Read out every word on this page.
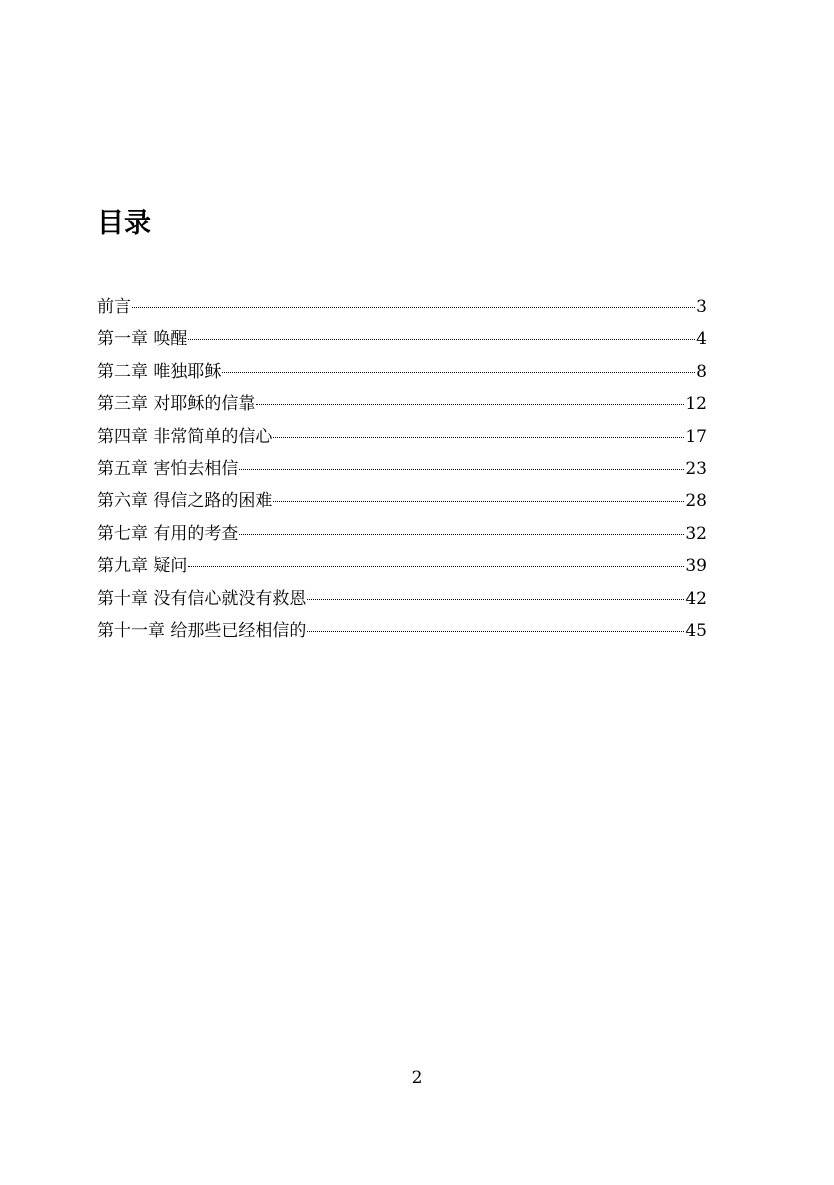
目录
前言	3
第一章 唤醒	4
第二章 唯独耶稣	8
第三章 对耶稣的信靠	12
第四章 非常简单的信心	17
第五章 害怕去相信	23
第六章 得信之路的困难	28
第七章 有用的考查	32
第九章 疑问	39
第十章 没有信心就没有救恩	42
第十一章 给那些已经相信的	45
2
